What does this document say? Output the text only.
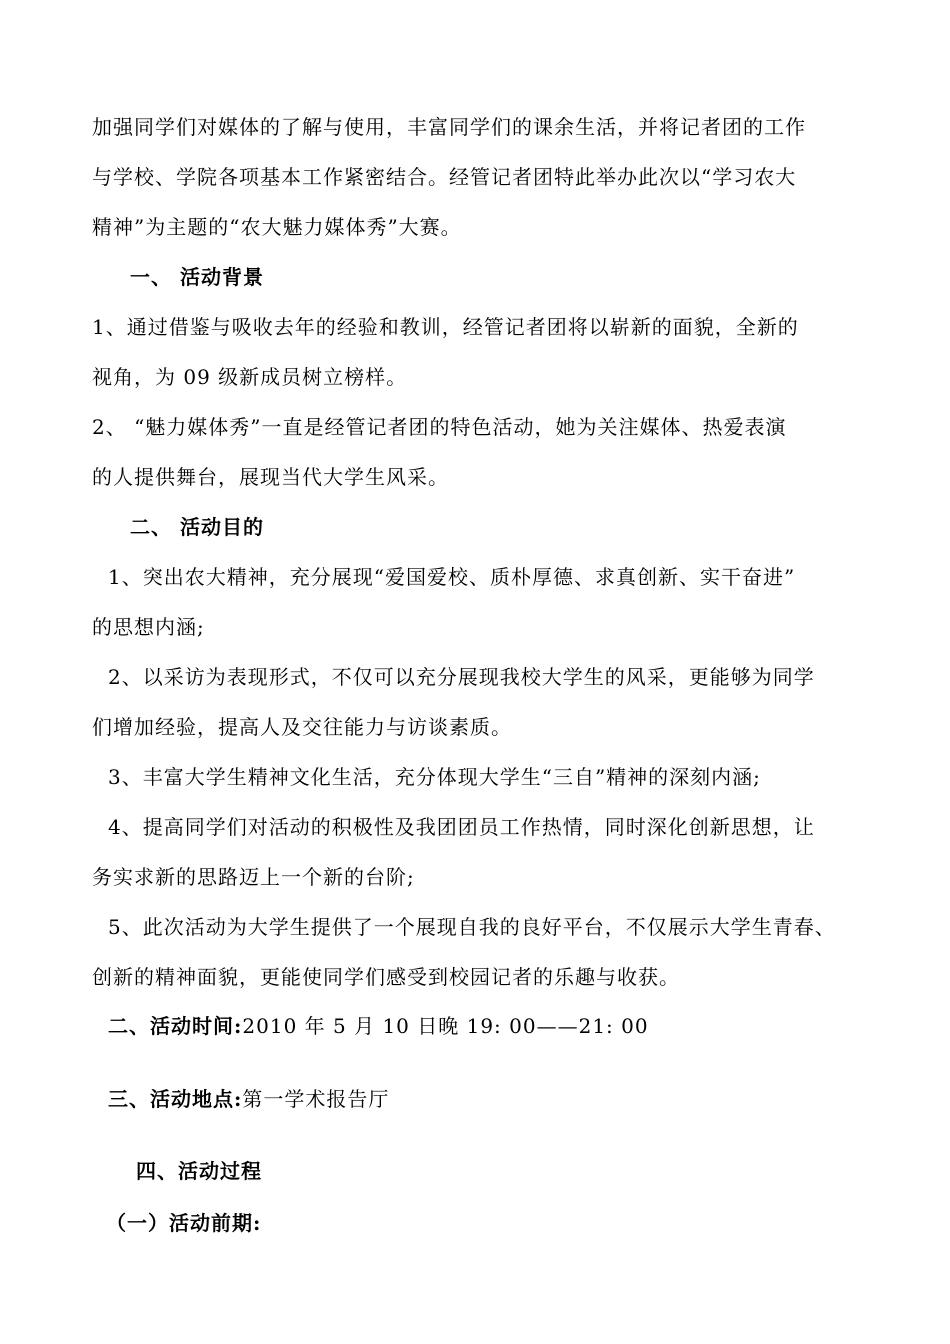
加强同学们对媒体的了解与使用，丰富同学们的课余生活，并将记者团的工作
与学校、学院各项基本工作紧密结合。经管记者团特此举办此次以“学习农大
精神”为主题的“农大魅力媒体秀”大赛。
一、 活动背景
1、通过借鉴与吸收去年的经验和教训，经管记者团将以崭新的面貌，全新的
视角，为 09 级新成员树立榜样。
2、 “魅力媒体秀”一直是经管记者团的特色活动，她为关注媒体、热爱表演
的人提供舞台，展现当代大学生风采。
二、 活动目的
1、突出农大精神，充分展现“爱国爱校、质朴厚德、求真创新、实干奋进”
的思想内涵;
2、以采访为表现形式，不仅可以充分展现我校大学生的风采，更能够为同学
们增加经验，提高人及交往能力与访谈素质。
3、丰富大学生精神文化生活，充分体现大学生“三自”精神的深刻内涵;
4、提高同学们对活动的积极性及我团团员工作热情，同时深化创新思想，让
务实求新的思路迈上一个新的台阶;
5、此次活动为大学生提供了一个展现自我的良好平台，不仅展示大学生青春、
创新的精神面貌，更能使同学们感受到校园记者的乐趣与收获。
二、活动时间:2010 年 5 月 10 日晚 19: 00——21: 00
三、活动地点:第一学术报告厅
四、活动过程
（一）活动前期:
